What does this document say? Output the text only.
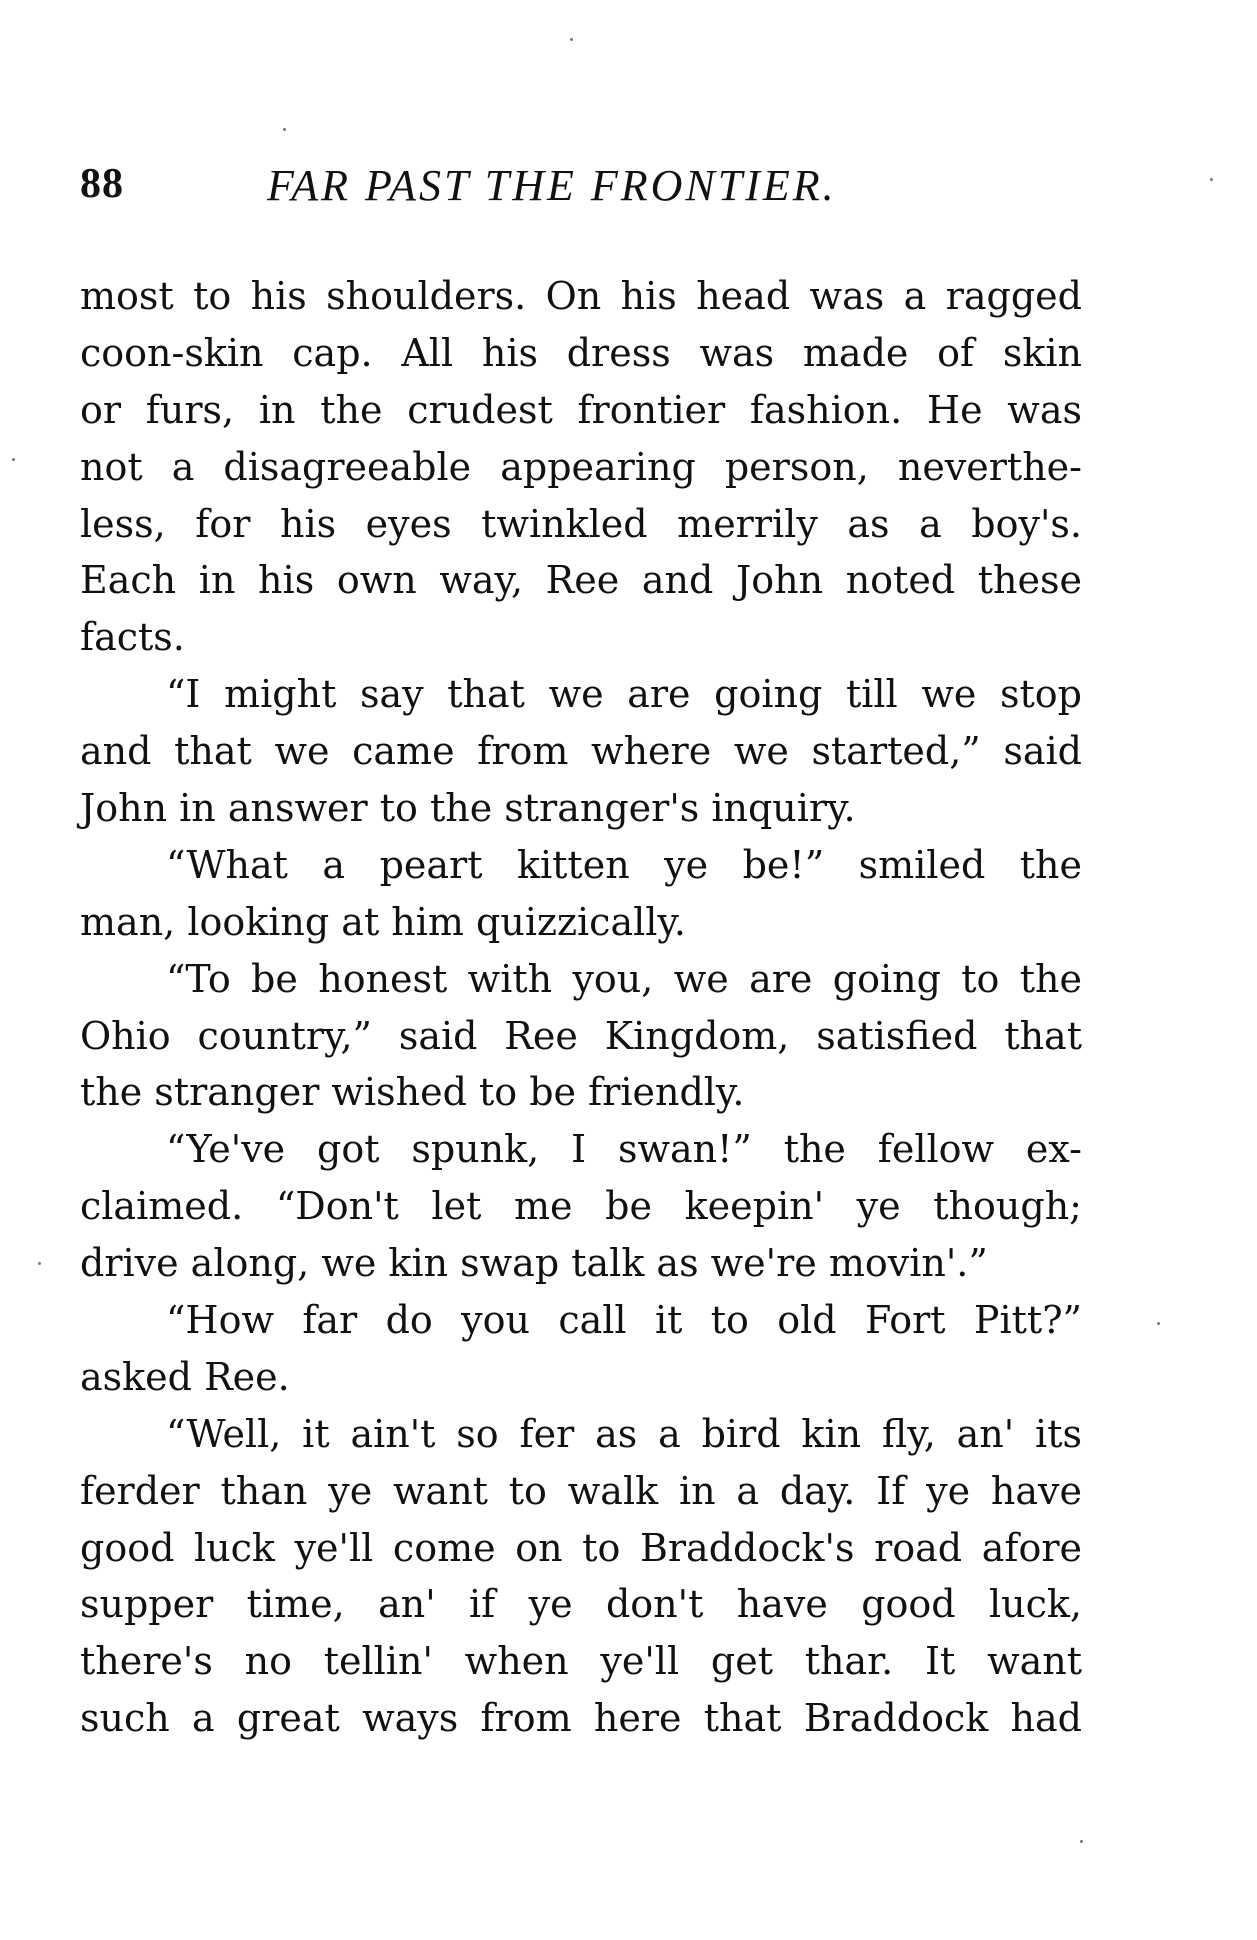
88	FAR PAST THE FRONTIER.
most to his shoulders. On his head was a ragged
coon-skin cap. All his dress was made of skin
or furs, in the crudest frontier fashion. He was
not a disagreeable appearing person, neverthe-
less, for his eyes twinkled merrily as a boy's.
Each in his own way, Ree and John noted these
facts.
“I might say that we are going till we stop
and that we came from where we started,” said
John in answer to the stranger's inquiry.
“What a peart kitten ye be!” smiled the
man, looking at him quizzically.
“To be honest with you, we are going to the
Ohio country,” said Ree Kingdom, satisfied that
the stranger wished to be friendly.
“Ye've got spunk, I swan!” the fellow ex-
claimed. “Don't let me be keepin' ye though;
drive along, we kin swap talk as we're movin'.”
“How far do you call it to old Fort Pitt?”
asked Ree.
“Well, it ain't so fer as a bird kin fly, an' its
ferder than ye want to walk in a day. If ye have
good luck ye'll come on to Braddock's road afore
supper time, an' if ye don't have good luck,
there's no tellin' when ye'll get thar. It want
such a great ways from here that Braddock had
